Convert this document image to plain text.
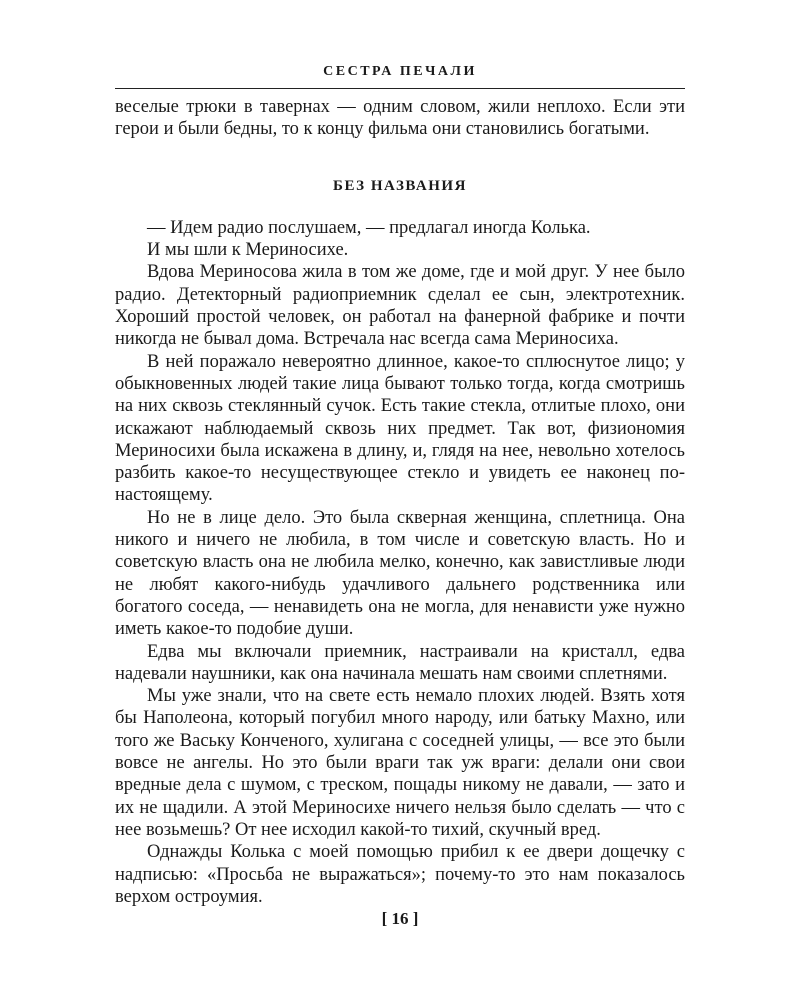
СЕСТРА ПЕЧАЛИ

веселые трюки в тавернах — одним словом, жили неплохо. Если эти герои и были бедны, то к концу фильма они становились богатыми.

БЕЗ НАЗВАНИЯ

— Идем радио послушаем, — предлагал иногда Колька.

И мы шли к Мериносихе.

Вдова Мериносова жила в том же доме, где и мой друг. У нее было радио. Детекторный радиоприемник сделал ее сын, электротехник. Хороший простой человек, он работал на фанерной фабрике и почти никогда не бывал дома. Встречала нас всегда сама Мериносиха.

В ней поражало невероятно длинное, какое-то сплюснутое лицо; у обыкновенных людей такие лица бывают только тогда, когда смотришь на них сквозь стеклянный сучок. Есть такие стекла, отлитые плохо, они искажают наблюдаемый сквозь них предмет. Так вот, физиономия Мериносихи была искажена в длину, и, глядя на нее, невольно хотелось разбить какое-то несуществующее стекло и увидеть ее наконец по-настоящему.

Но не в лице дело. Это была скверная женщина, сплетница. Она никого и ничего не любила, в том числе и советскую власть. Но и советскую власть она не любила мелко, конечно, как завистливые люди не любят какого-нибудь удачливого дальнего родственника или богатого соседа, — ненавидеть она не могла, для ненависти уже нужно иметь какое-то подобие души.

Едва мы включали приемник, настраивали на кристалл, едва надевали наушники, как она начинала мешать нам своими сплетнями.

Мы уже знали, что на свете есть немало плохих людей. Взять хотя бы Наполеона, который погубил много народу, или батьку Махно, или того же Ваську Конченого, хулигана с соседней улицы, — все это были вовсе не ангелы. Но это были враги так уж враги: делали они свои вредные дела с шумом, с треском, пощады никому не давали, — зато и их не щадили. А этой Мериносихе ничего нельзя было сделать — что с нее возьмешь? От нее исходил какой-то тихий, скучный вред.

Однажды Колька с моей помощью прибил к ее двери дощечку с надписью: «Просьба не выражаться»; почему-то это нам показалось верхом остроумия.

[ 16 ]
